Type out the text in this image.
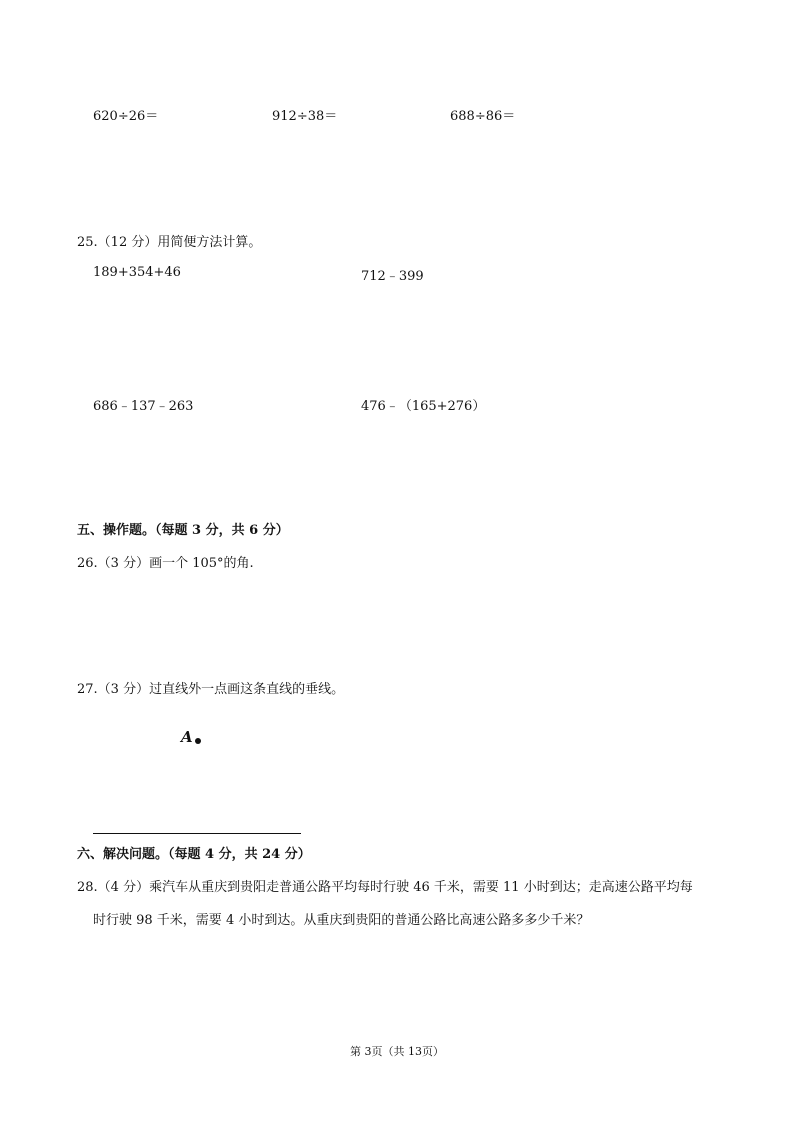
620÷26＝	912÷38＝	688÷86＝
25.（12 分）用简便方法计算。
189+354+46	712﹣399
686﹣137﹣263	476﹣（165+276）
五、操作题。（每题 3 分，共 6 分）
26.（3 分）画一个 105°的角.
27.（3 分）过直线外一点画这条直线的垂线。
A
六、解决问题。（每题 4 分，共 24 分）
28.（4 分）乘汽车从重庆到贵阳走普通公路平均每时行驶 46 千米，需要 11 小时到达；走高速公路平均每
时行驶 98 千米，需要 4 小时到达。从重庆到贵阳的普通公路比高速公路多多少千米？
第 3页（共 13页）
